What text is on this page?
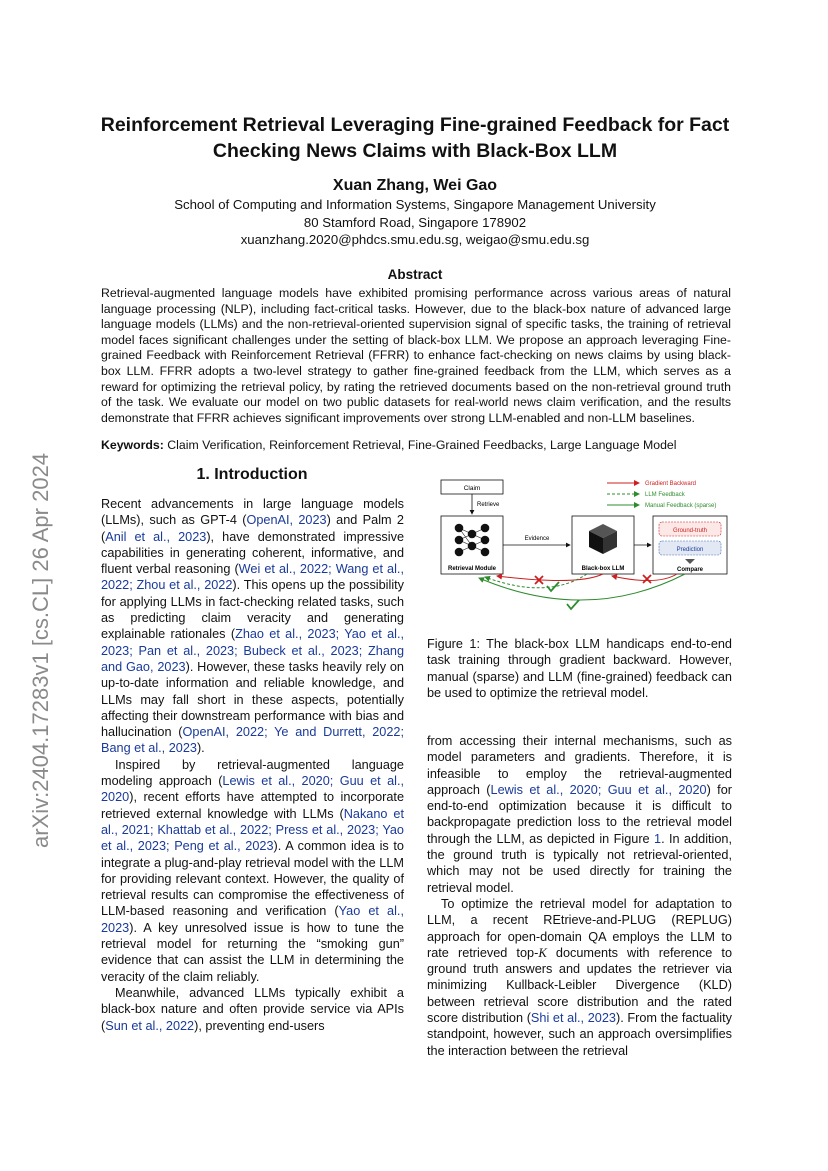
arXiv:2404.17283v1 [cs.CL] 26 Apr 2024
Reinforcement Retrieval Leveraging Fine-grained Feedback for Fact Checking News Claims with Black-Box LLM
Xuan Zhang, Wei Gao
School of Computing and Information Systems, Singapore Management University
80 Stamford Road, Singapore 178902
xuanzhang.2020@phdcs.smu.edu.sg, weigao@smu.edu.sg
Abstract
Retrieval-augmented language models have exhibited promising performance across various areas of natural language processing (NLP), including fact-critical tasks. However, due to the black-box nature of advanced large language models (LLMs) and the non-retrieval-oriented supervision signal of specific tasks, the training of retrieval model faces significant challenges under the setting of black-box LLM. We propose an approach leveraging Fine-grained Feedback with Reinforcement Retrieval (FFRR) to enhance fact-checking on news claims by using black-box LLM. FFRR adopts a two-level strategy to gather fine-grained feedback from the LLM, which serves as a reward for optimizing the retrieval policy, by rating the retrieved documents based on the non-retrieval ground truth of the task. We evaluate our model on two public datasets for real-world news claim verification, and the results demonstrate that FFRR achieves significant improvements over strong LLM-enabled and non-LLM baselines.
Keywords: Claim Verification, Reinforcement Retrieval, Fine-Grained Feedbacks, Large Language Model
1. Introduction

Recent advancements in large language models (LLMs), such as GPT-4 (OpenAI, 2023) and Palm 2 (Anil et al., 2023), have demonstrated impressive capabilities in generating coherent, informative, and fluent verbal reasoning (Wei et al., 2022; Wang et al., 2022; Zhou et al., 2022). This opens up the possibility for applying LLMs in fact-checking related tasks, such as predicting claim veracity and generating explainable rationales (Zhao et al., 2023; Yao et al., 2023; Pan et al., 2023; Bubeck et al., 2023; Zhang and Gao, 2023). However, these tasks heavily rely on up-to-date information and reliable knowledge, and LLMs may fall short in these aspects, potentially affecting their downstream performance with bias and hallucination (OpenAI, 2022; Ye and Durrett, 2022; Bang et al., 2023).

Inspired by retrieval-augmented language modeling approach (Lewis et al., 2020; Guu et al., 2020), recent efforts have attempted to incorporate retrieved external knowledge with LLMs (Nakano et al., 2021; Khattab et al., 2022; Press et al., 2023; Yao et al., 2023; Peng et al., 2023). A common idea is to integrate a plug-and-play retrieval model with the LLM for providing relevant context. However, the quality of retrieval results can compromise the effectiveness of LLM-based reasoning and verification (Yao et al., 2023). A key unresolved issue is how to tune the retrieval model for returning the “smoking gun” evidence that can assist the LLM in determining the veracity of the claim reliably.

Meanwhile, advanced LLMs typically exhibit a black-box nature and often provide service via APIs (Sun et al., 2022), preventing end-users

Claim
Retrieve
Retrieval Module
Evidence
Black-box LLM
Ground-truth
Prediction
Compare
Gradient Backward
LLM Feedback
Manual Feedback (sparse)
Figure 1: The black-box LLM handicaps end-to-end task training through gradient backward. However, manual (sparse) and LLM (fine-grained) feedback can be used to optimize the retrieval model.

from accessing their internal mechanisms, such as model parameters and gradients. Therefore, it is infeasible to employ the retrieval-augmented approach (Lewis et al., 2020; Guu et al., 2020) for end-to-end optimization because it is difficult to backpropagate prediction loss to the retrieval model through the LLM, as depicted in Figure 1. In addition, the ground truth is typically not retrieval-oriented, which may not be used directly for training the retrieval model.

To optimize the retrieval model for adaptation to LLM, a recent REtrieve-and-PLUG (REPLUG) approach for open-domain QA employs the LLM to rate retrieved top-K documents with reference to ground truth answers and updates the retriever via minimizing Kullback-Leibler Divergence (KLD) between retrieval score distribution and the rated score distribution (Shi et al., 2023). From the factuality standpoint, however, such an approach oversimplifies the interaction between the retrieval
